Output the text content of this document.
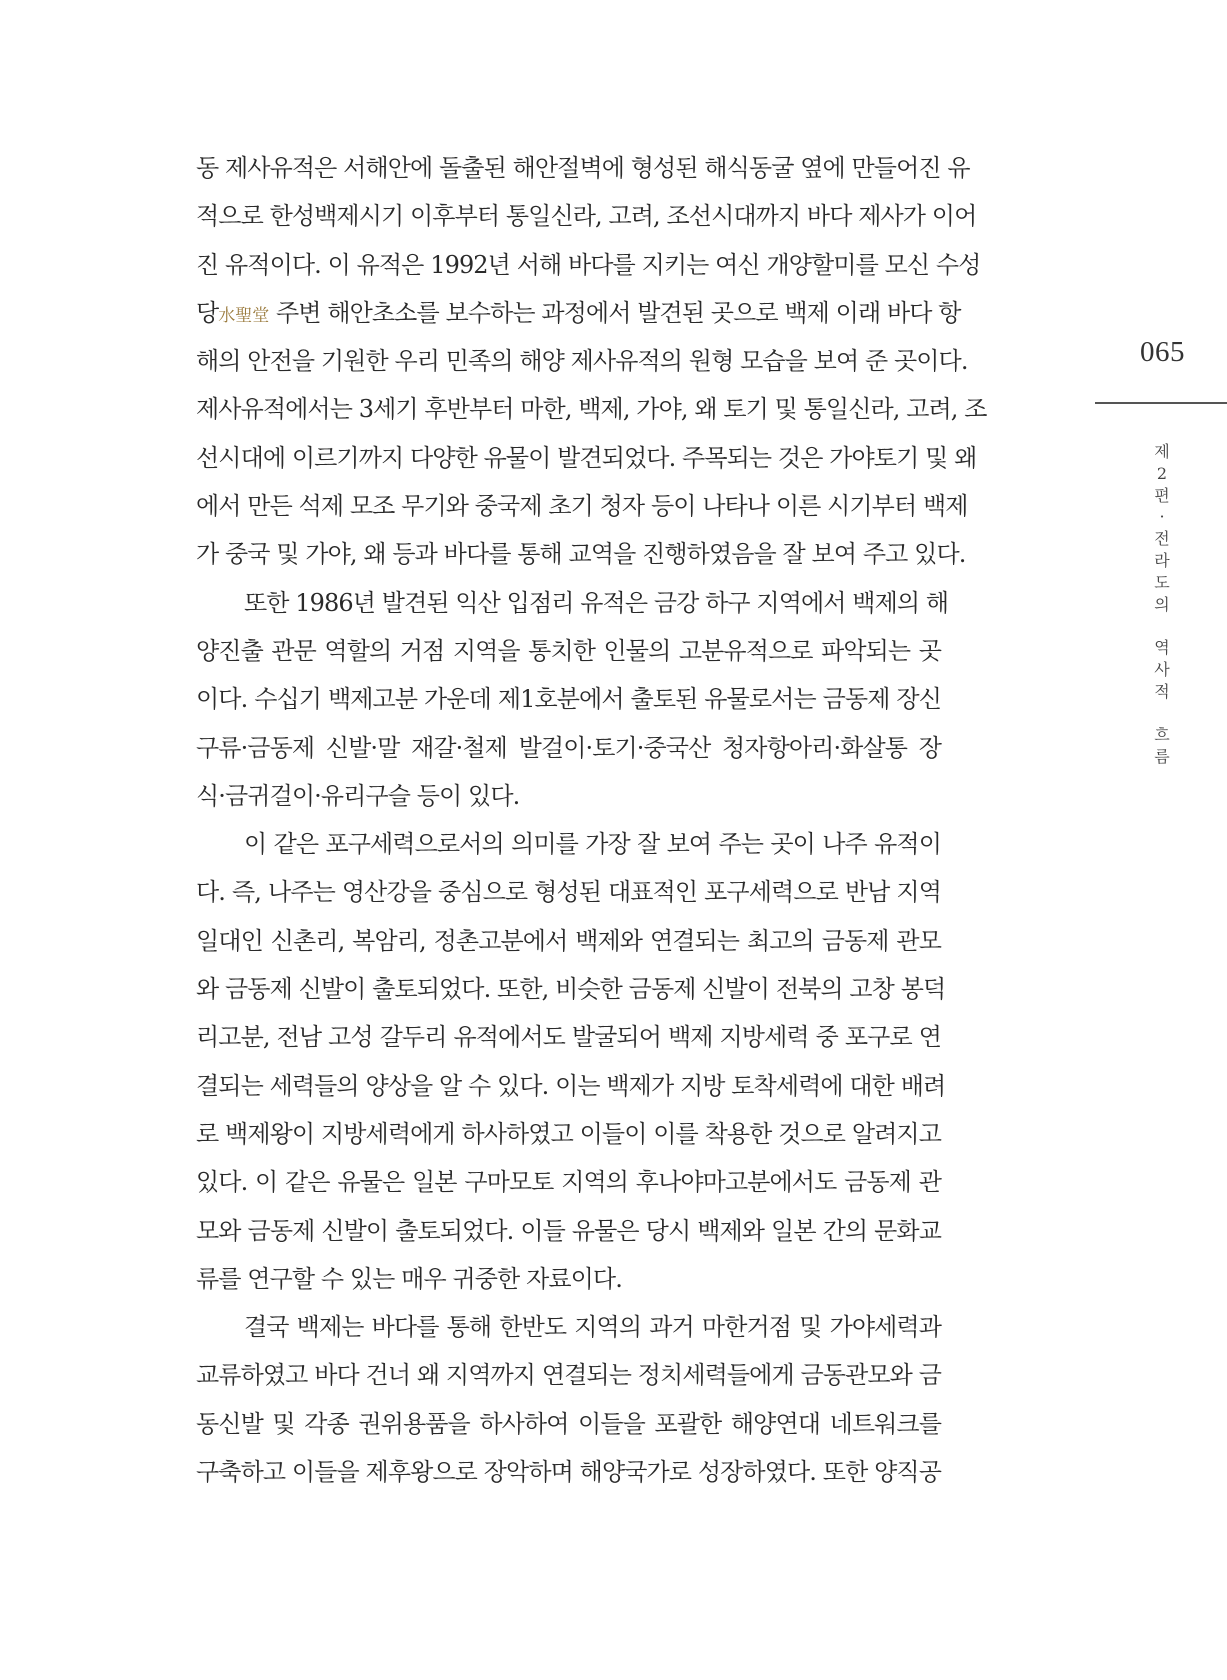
동 제사유적은 서해안에 돌출된 해안절벽에 형성된 해식동굴 옆에 만들어진 유
적으로 한성백제시기 이후부터 통일신라, 고려, 조선시대까지 바다 제사가 이어
진 유적이다. 이 유적은 1992년 서해 바다를 지키는 여신 개양할미를 모신 수성
당水聖堂 주변 해안초소를 보수하는 과정에서 발견된 곳으로 백제 이래 바다 항
해의 안전을 기원한 우리 민족의 해양 제사유적의 원형 모습을 보여 준 곳이다.
제사유적에서는 3세기 후반부터 마한, 백제, 가야, 왜 토기 및 통일신라, 고려, 조
선시대에 이르기까지 다양한 유물이 발견되었다. 주목되는 것은 가야토기 및 왜
에서 만든 석제 모조 무기와 중국제 초기 청자 등이 나타나 이른 시기부터 백제
가 중국 및 가야, 왜 등과 바다를 통해 교역을 진행하였음을 잘 보여 주고 있다.
또한 1986년 발견된 익산 입점리 유적은 금강 하구 지역에서 백제의 해
양진출 관문 역할의 거점 지역을 통치한 인물의 고분유적으로 파악되는 곳
이다. 수십기 백제고분 가운데 제1호분에서 출토된 유물로서는 금동제 장신
구류·금동제 신발·말 재갈·철제 발걸이·토기·중국산 청자항아리·화살통 장
식·금귀걸이·유리구슬 등이 있다.
이 같은 포구세력으로서의 의미를 가장 잘 보여 주는 곳이 나주 유적이
다. 즉, 나주는 영산강을 중심으로 형성된 대표적인 포구세력으로 반남 지역
일대인 신촌리, 복암리, 정촌고분에서 백제와 연결되는 최고의 금동제 관모
와 금동제 신발이 출토되었다. 또한, 비슷한 금동제 신발이 전북의 고창 봉덕
리고분, 전남 고성 갈두리 유적에서도 발굴되어 백제 지방세력 중 포구로 연
결되는 세력들의 양상을 알 수 있다. 이는 백제가 지방 토착세력에 대한 배려
로 백제왕이 지방세력에게 하사하였고 이들이 이를 착용한 것으로 알려지고
있다. 이 같은 유물은 일본 구마모토 지역의 후나야마고분에서도 금동제 관
모와 금동제 신발이 출토되었다. 이들 유물은 당시 백제와 일본 간의 문화교
류를 연구할 수 있는 매우 귀중한 자료이다.
결국 백제는 바다를 통해 한반도 지역의 과거 마한거점 및 가야세력과
교류하였고 바다 건너 왜 지역까지 연결되는 정치세력들에게 금동관모와 금
동신발 및 각종 권위용품을 하사하여 이들을 포괄한 해양연대 네트워크를
구축하고 이들을 제후왕으로 장악하며 해양국가로 성장하였다. 또한 양직공
065
제
2
편
·
전
라
도
의

역
사
적

흐
름
